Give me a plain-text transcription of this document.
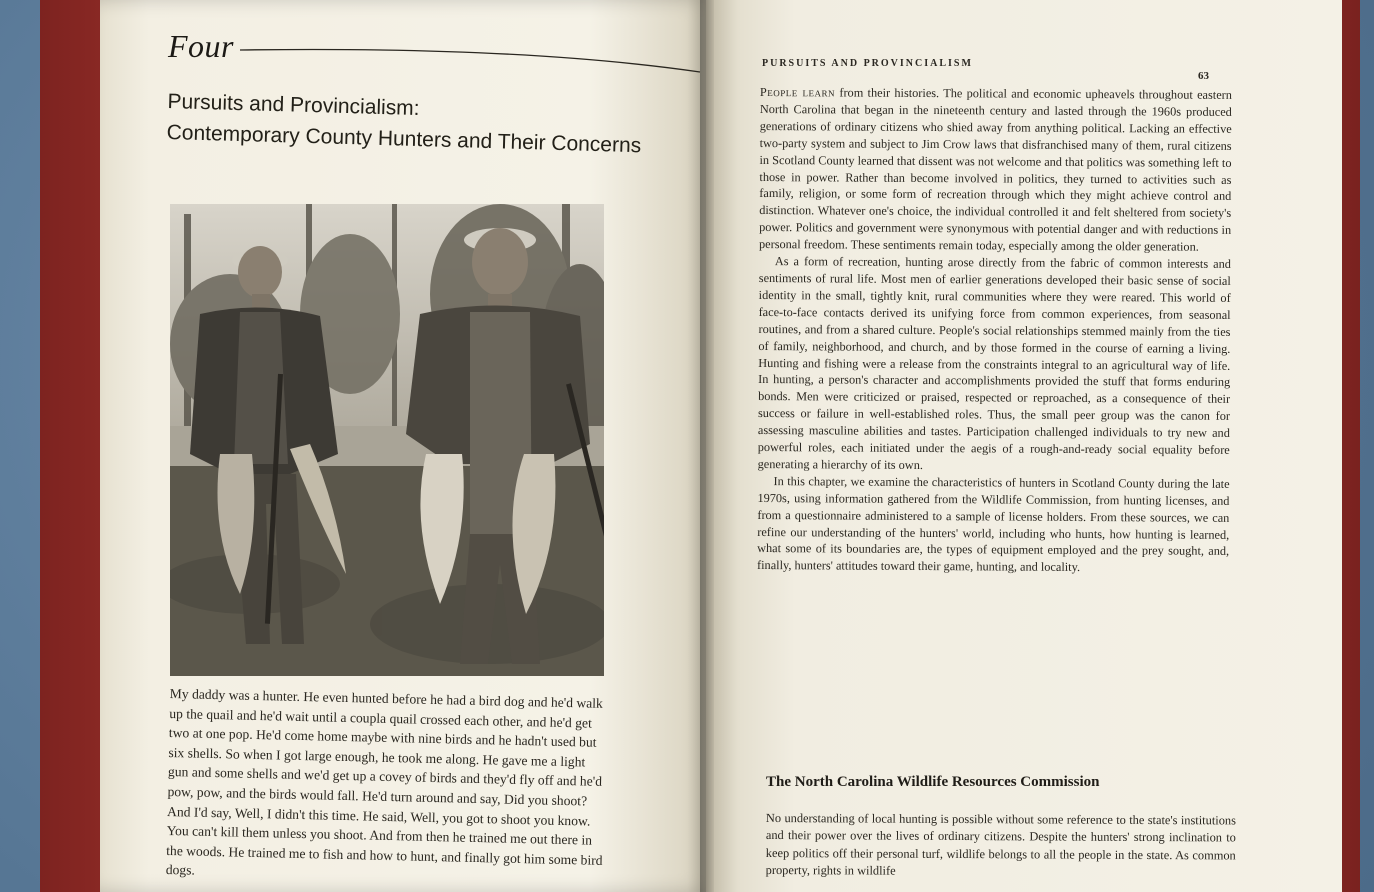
PURSUITS AND PROVINCIALISM
63

People learn from their histories. The political and economic upheavels throughout eastern North Carolina that began in the nineteenth century and lasted through the 1960s produced generations of ordinary citizens who shied away from anything political. Lacking an effective two-party system and subject to Jim Crow laws that disfranchised many of them, rural citizens in Scotland County learned that dissent was not welcome and that politics was something left to those in power. Rather than become involved in politics, they turned to activities such as family, religion, or some form of recreation through which they might achieve control and distinction. Whatever one's choice, the individual controlled it and felt sheltered from society's power. Politics and government were synonymous with potential danger and with reductions in personal freedom. These sentiments remain today, especially among the older generation.

As a form of recreation, hunting arose directly from the fabric of common interests and sentiments of rural life. Most men of earlier generations developed their basic sense of social identity in the small, tightly knit, rural communities where they were reared. This world of face-to-face contacts derived its unifying force from common experiences, from seasonal routines, and from a shared culture. People's social relationships stemmed mainly from the ties of family, neighborhood, and church, and by those formed in the course of earning a living. Hunting and fishing were a release from the constraints integral to an agricultural way of life. In hunting, a person's character and accomplishments provided the stuff that forms enduring bonds. Men were criticized or praised, respected or reproached, as a consequence of their success or failure in well-established roles. Thus, the small peer group was the canon for assessing masculine abilities and tastes. Participation challenged individuals to try new and powerful roles, each initiated under the aegis of a rough-and-ready social equality before generating a hierarchy of its own.

In this chapter, we examine the characteristics of hunters in Scotland County during the late 1970s, using information gathered from the Wildlife Commission, from hunting licenses, and from a questionnaire administered to a sample of license holders. From these sources, we can refine our understanding of the hunters' world, including who hunts, how hunting is learned, what some of its boundaries are, the types of equipment employed and the prey sought, and, finally, hunters' attitudes toward their game, hunting, and locality.

The North Carolina Wildlife Resources Commission

No understanding of local hunting is possible without some reference to the state's institutions and their power over the lives of ordinary citizens. Despite the hunters' strong inclination to keep politics off their personal turf, wildlife belongs to all the people in the state. As common property, rights in wildlife

Four
Pursuits and Provincialism:
Contemporary County Hunters and Their Concerns
My daddy was a hunter. He even hunted before he had a bird dog and he'd walk up the quail and he'd wait until a coupla quail crossed each other, and he'd get two at one pop. He'd come home maybe with nine birds and he hadn't used but six shells. So when I got large enough, he took me along. He gave me a light gun and some shells and we'd get up a covey of birds and they'd fly off and he'd pow, pow, and the birds would fall. He'd turn around and say, Did you shoot? And I'd say, Well, I didn't this time. He said, Well, you got to shoot you know. You can't kill them unless you shoot. And from then he trained me out there in the woods. He trained me to fish and how to hunt, and finally got him some bird dogs.
